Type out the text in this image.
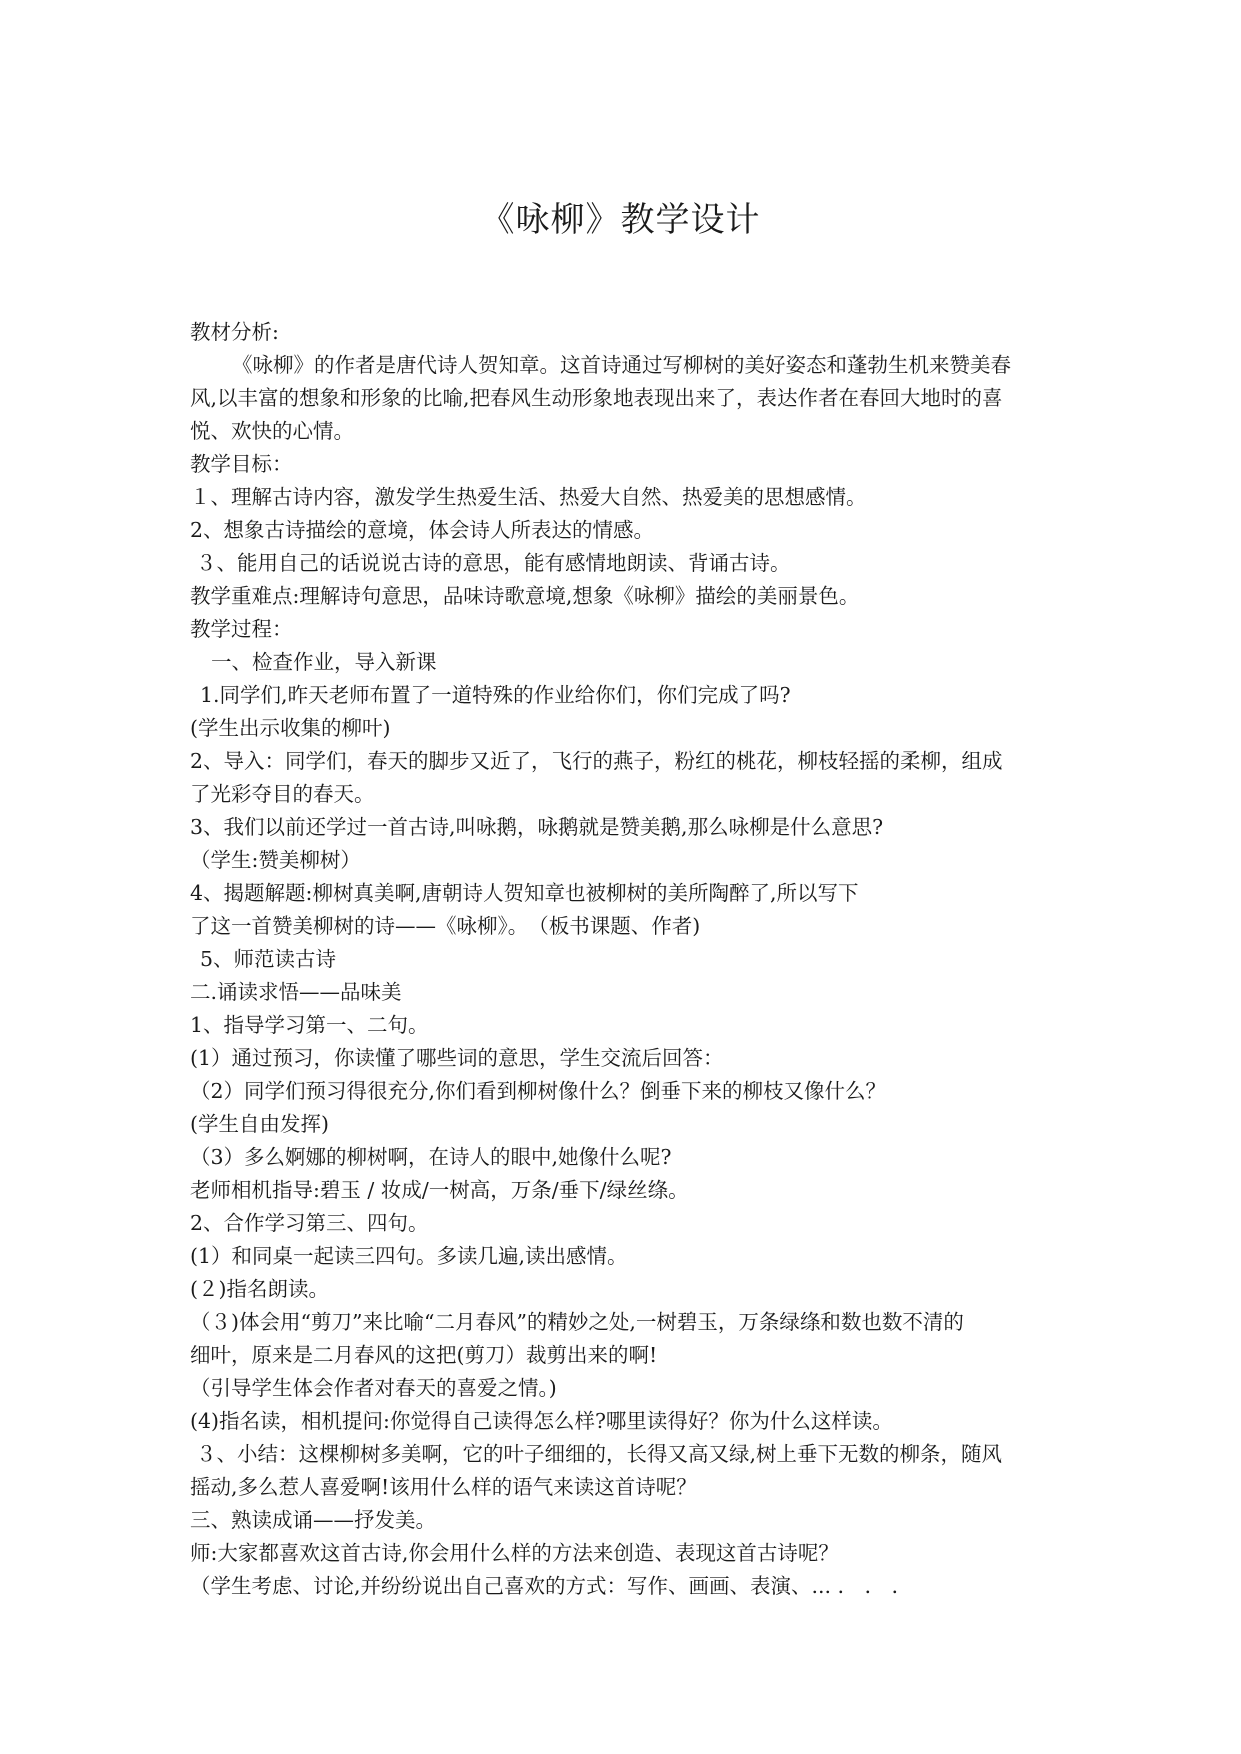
《咏柳》教学设计
教材分析:
《咏柳》的作者是唐代诗人贺知章。这首诗通过写柳树的美好姿态和蓬勃生机来赞美春
风,以丰富的想象和形象的比喻,把春风生动形象地表现出来了，表达作者在春回大地时的喜
悦、欢快的心情。
教学目标：
１、理解古诗内容，激发学生热爱生活、热爱大自然、热爱美的思想感情。
2、想象古诗描绘的意境，体会诗人所表达的情感。
３、能用自己的话说说古诗的意思，能有感情地朗读、背诵古诗。
教学重难点:理解诗句意思，品味诗歌意境,想象《咏柳》描绘的美丽景色。
教学过程：
一、检查作业，导入新课
1.同学们,昨天老师布置了一道特殊的作业给你们，你们完成了吗?
(学生出示收集的柳叶)
2、导入：同学们，春天的脚步又近了，飞行的燕子，粉红的桃花，柳枝轻摇的柔柳，组成
了光彩夺目的春天。
3、我们以前还学过一首古诗,叫咏鹅，咏鹅就是赞美鹅,那么咏柳是什么意思?
（学生:赞美柳树）
4、揭题解题:柳树真美啊,唐朝诗人贺知章也被柳树的美所陶醉了,所以写下
了这一首赞美柳树的诗——《咏柳》。　（板书课题、作者)
5、师范读古诗
二.诵读求悟——品味美
1、指导学习第一、二句。
(1）通过预习，你读懂了哪些词的意思，学生交流后回答：
（2）同学们预习得很充分,你们看到柳树像什么？倒垂下来的柳枝又像什么？
(学生自由发挥)
（3）多么婀娜的柳树啊，在诗人的眼中,她像什么呢?
老师相机指导:碧玉 / 妆成/一树高，万条/垂下/绿丝绦。
2、合作学习第三、四句。
(1）和同桌一起读三四句。多读几遍,读出感情。
(２)指名朗读。
（３)体会用“剪刀”来比喻“二月春风”的精妙之处,一树碧玉，万条绿绦和数也数不清的
细叶，原来是二月春风的这把(剪刀）裁剪出来的啊!
（引导学生体会作者对春天的喜爱之情。)
(4)指名读，相机提问:你觉得自己读得怎么样?哪里读得好？你为什么这样读。
３、小结：这棵柳树多美啊，它的叶子细细的，长得又高又绿,树上垂下无数的柳条，随风
摇动,多么惹人喜爱啊!该用什么样的语气来读这首诗呢？
三、熟读成诵——抒发美。
师:大家都喜欢这首古诗,你会用什么样的方法来创造、表现这首古诗呢？
（学生考虑、讨论,并纷纷说出自己喜欢的方式：写作、画画、表演、... ． ． ．
